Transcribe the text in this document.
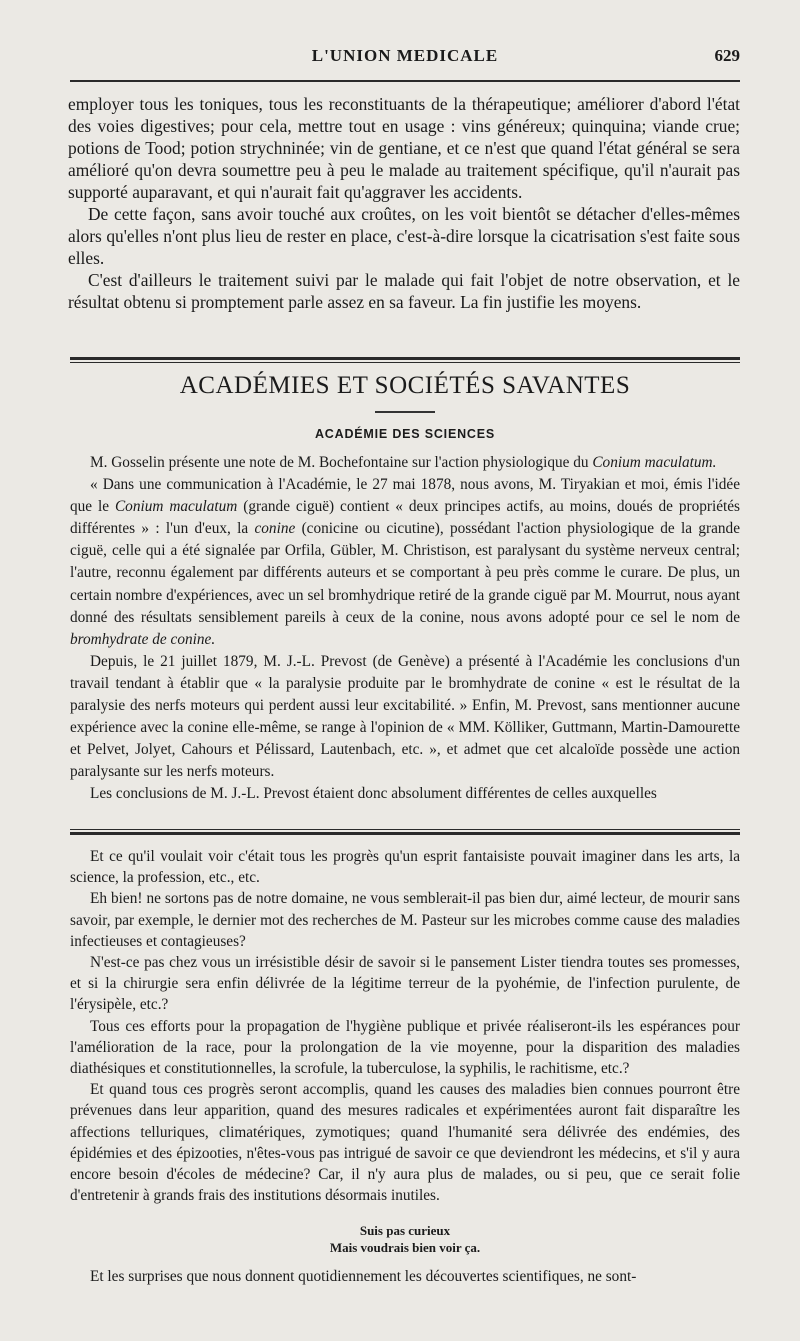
L'UNION MEDICALE	629

employer tous les toniques, tous les reconstituants de la thérapeutique; améliorer d'abord l'état des voies digestives; pour cela, mettre tout en usage : vins généreux; quinquina; viande crue; potions de Tood; potion strychninée; vin de gentiane, et ce n'est que quand l'état général se sera amélioré qu'on devra soumettre peu à peu le malade au traitement spécifique, qu'il n'aurait pas supporté auparavant, et qui n'aurait fait qu'aggraver les accidents.

De cette façon, sans avoir touché aux croûtes, on les voit bientôt se détacher d'elles-mêmes alors qu'elles n'ont plus lieu de rester en place, c'est-à-dire lorsque la cicatrisation s'est faite sous elles.

C'est d'ailleurs le traitement suivi par le malade qui fait l'objet de notre observation, et le résultat obtenu si promptement parle assez en sa faveur. La fin justifie les moyens.

ACADÉMIES ET SOCIÉTÉS SAVANTES
ACADÉMIE DES SCIENCES

M. Gosselin présente une note de M. Bochefontaine sur l'action physiologique du Conium maculatum.

« Dans une communication à l'Académie, le 27 mai 1878, nous avons, M. Tiryakian et moi, émis l'idée que le Conium maculatum (grande ciguë) contient « deux principes actifs, au moins, doués de propriétés différentes » : l'un d'eux, la conine (conicine ou cicutine), possédant l'action physiologique de la grande ciguë, celle qui a été signalée par Orfila, Gübler, M. Christison, est paralysant du système nerveux central; l'autre, reconnu également par différents auteurs et se comportant à peu près comme le curare. De plus, un certain nombre d'expériences, avec un sel bromhydrique retiré de la grande ciguë par M. Mourrut, nous ayant donné des résultats sensiblement pareils à ceux de la conine, nous avons adopté pour ce sel le nom de bromhydrate de conine.

Depuis, le 21 juillet 1879, M. J.-L. Prevost (de Genève) a présenté à l'Académie les conclusions d'un travail tendant à établir que « la paralysie produite par le bromhydrate de conine « est le résultat de la paralysie des nerfs moteurs qui perdent aussi leur excitabilité. » Enfin, M. Prevost, sans mentionner aucune expérience avec la conine elle-même, se range à l'opinion de « MM. Kölliker, Guttmann, Martin-Damourette et Pelvet, Jolyet, Cahours et Pélissard, Lautenbach, etc. », et admet que cet alcaloïde possède une action paralysante sur les nerfs moteurs.

Les conclusions de M. J.-L. Prevost étaient donc absolument différentes de celles auxquelles

Et ce qu'il voulait voir c'était tous les progrès qu'un esprit fantaisiste pouvait imaginer dans les arts, la science, la profession, etc., etc.

Eh bien! ne sortons pas de notre domaine, ne vous semblerait-il pas bien dur, aimé lecteur, de mourir sans savoir, par exemple, le dernier mot des recherches de M. Pasteur sur les microbes comme cause des maladies infectieuses et contagieuses?

N'est-ce pas chez vous un irrésistible désir de savoir si le pansement Lister tiendra toutes ses promesses, et si la chirurgie sera enfin délivrée de la légitime terreur de la pyohémie, de l'infection purulente, de l'érysipèle, etc.?

Tous ces efforts pour la propagation de l'hygiène publique et privée réaliseront-ils les espérances pour l'amélioration de la race, pour la prolongation de la vie moyenne, pour la disparition des maladies diathésiques et constitutionnelles, la scrofule, la tuberculose, la syphilis, le rachitisme, etc.?

Et quand tous ces progrès seront accomplis, quand les causes des maladies bien connues pourront être prévenues dans leur apparition, quand des mesures radicales et expérimentées auront fait disparaître les affections telluriques, climatériques, zymotiques; quand l'humanité sera délivrée des endémies, des épidémies et des épizooties, n'êtes-vous pas intrigué de savoir ce que deviendront les médecins, et s'il y aura encore besoin d'écoles de médecine? Car, il n'y aura plus de malades, ou si peu, que ce serait folie d'entretenir à grands frais des institutions désormais inutiles.

Suis pas curieux

Mais voudrais bien voir ça.

Et les surprises que nous donnent quotidiennement les découvertes scientifiques, ne sont-
